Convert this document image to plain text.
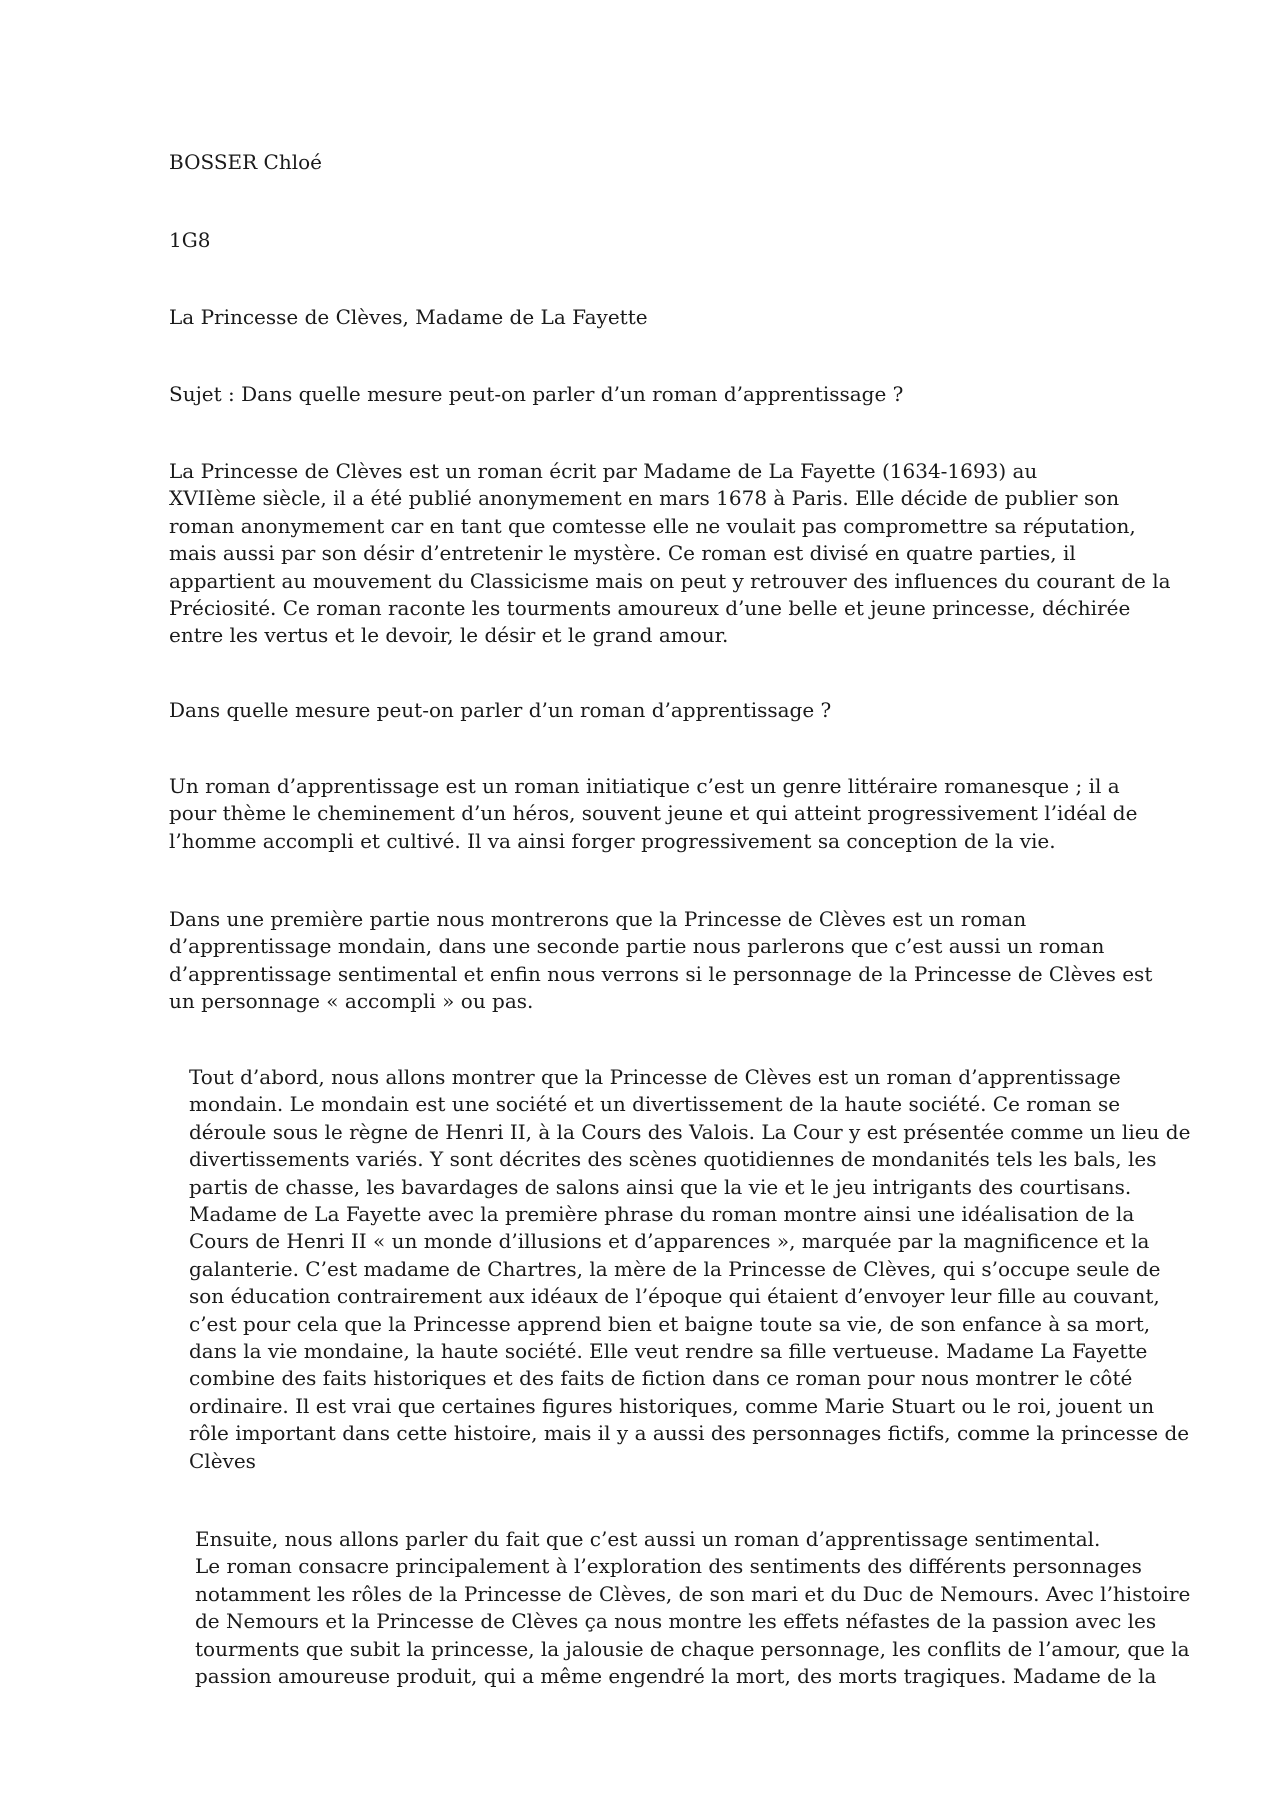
BOSSER Chloé
1G8
La Princesse de Clèves, Madame de La Fayette
Sujet : Dans quelle mesure peut-on parler d’un roman d’apprentissage ?
La Princesse de Clèves est un roman écrit par Madame de La Fayette (1634-1693) au
XVIIème siècle, il a été publié anonymement en mars 1678 à Paris. Elle décide de publier son
roman anonymement car en tant que comtesse elle ne voulait pas compromettre sa réputation,
mais aussi par son désir d’entretenir le mystère. Ce roman est divisé en quatre parties, il
appartient au mouvement du Classicisme mais on peut y retrouver des influences du courant de la
Préciosité. Ce roman raconte les tourments amoureux d’une belle et jeune princesse, déchirée
entre les vertus et le devoir, le désir et le grand amour.
Dans quelle mesure peut-on parler d’un roman d’apprentissage ?
Un roman d’apprentissage est un roman initiatique c’est un genre littéraire romanesque ; il a
pour thème le cheminement d’un héros, souvent jeune et qui atteint progressivement l’idéal de
l’homme accompli et cultivé. Il va ainsi forger progressivement sa conception de la vie.
Dans une première partie nous montrerons que la Princesse de Clèves est un roman
d’apprentissage mondain, dans une seconde partie nous parlerons que c’est aussi un roman
d’apprentissage sentimental et enfin nous verrons si le personnage de la Princesse de Clèves est
un personnage « accompli » ou pas.
Tout d’abord, nous allons montrer que la Princesse de Clèves est un roman d’apprentissage
mondain. Le mondain est une société et un divertissement de la haute société. Ce roman se
déroule sous le règne de Henri II, à la Cours des Valois. La Cour y est présentée comme un lieu de
divertissements variés. Y sont décrites des scènes quotidiennes de mondanités tels les bals, les
partis de chasse, les bavardages de salons ainsi que la vie et le jeu intrigants des courtisans.
Madame de La Fayette avec la première phrase du roman montre ainsi une idéalisation de la
Cours de Henri II « un monde d’illusions et d’apparences », marquée par la magnificence et la
galanterie. C’est madame de Chartres, la mère de la Princesse de Clèves, qui s’occupe seule de
son éducation contrairement aux idéaux de l’époque qui étaient d’envoyer leur fille au couvant,
c’est pour cela que la Princesse apprend bien et baigne toute sa vie, de son enfance à sa mort,
dans la vie mondaine, la haute société. Elle veut rendre sa fille vertueuse. Madame La Fayette
combine des faits historiques et des faits de fiction dans ce roman pour nous montrer le côté
ordinaire. Il est vrai que certaines figures historiques, comme Marie Stuart ou le roi, jouent un
rôle important dans cette histoire, mais il y a aussi des personnages fictifs, comme la princesse de
Clèves
Ensuite, nous allons parler du fait que c’est aussi un roman d’apprentissage sentimental.
Le roman consacre principalement à l’exploration des sentiments des différents personnages
notamment les rôles de la Princesse de Clèves, de son mari et du Duc de Nemours. Avec l’histoire
de Nemours et la Princesse de Clèves ça nous montre les effets néfastes de la passion avec les
tourments que subit la princesse, la jalousie de chaque personnage, les conflits de l’amour, que la
passion amoureuse produit, qui a même engendré la mort, des morts tragiques. Madame de la
